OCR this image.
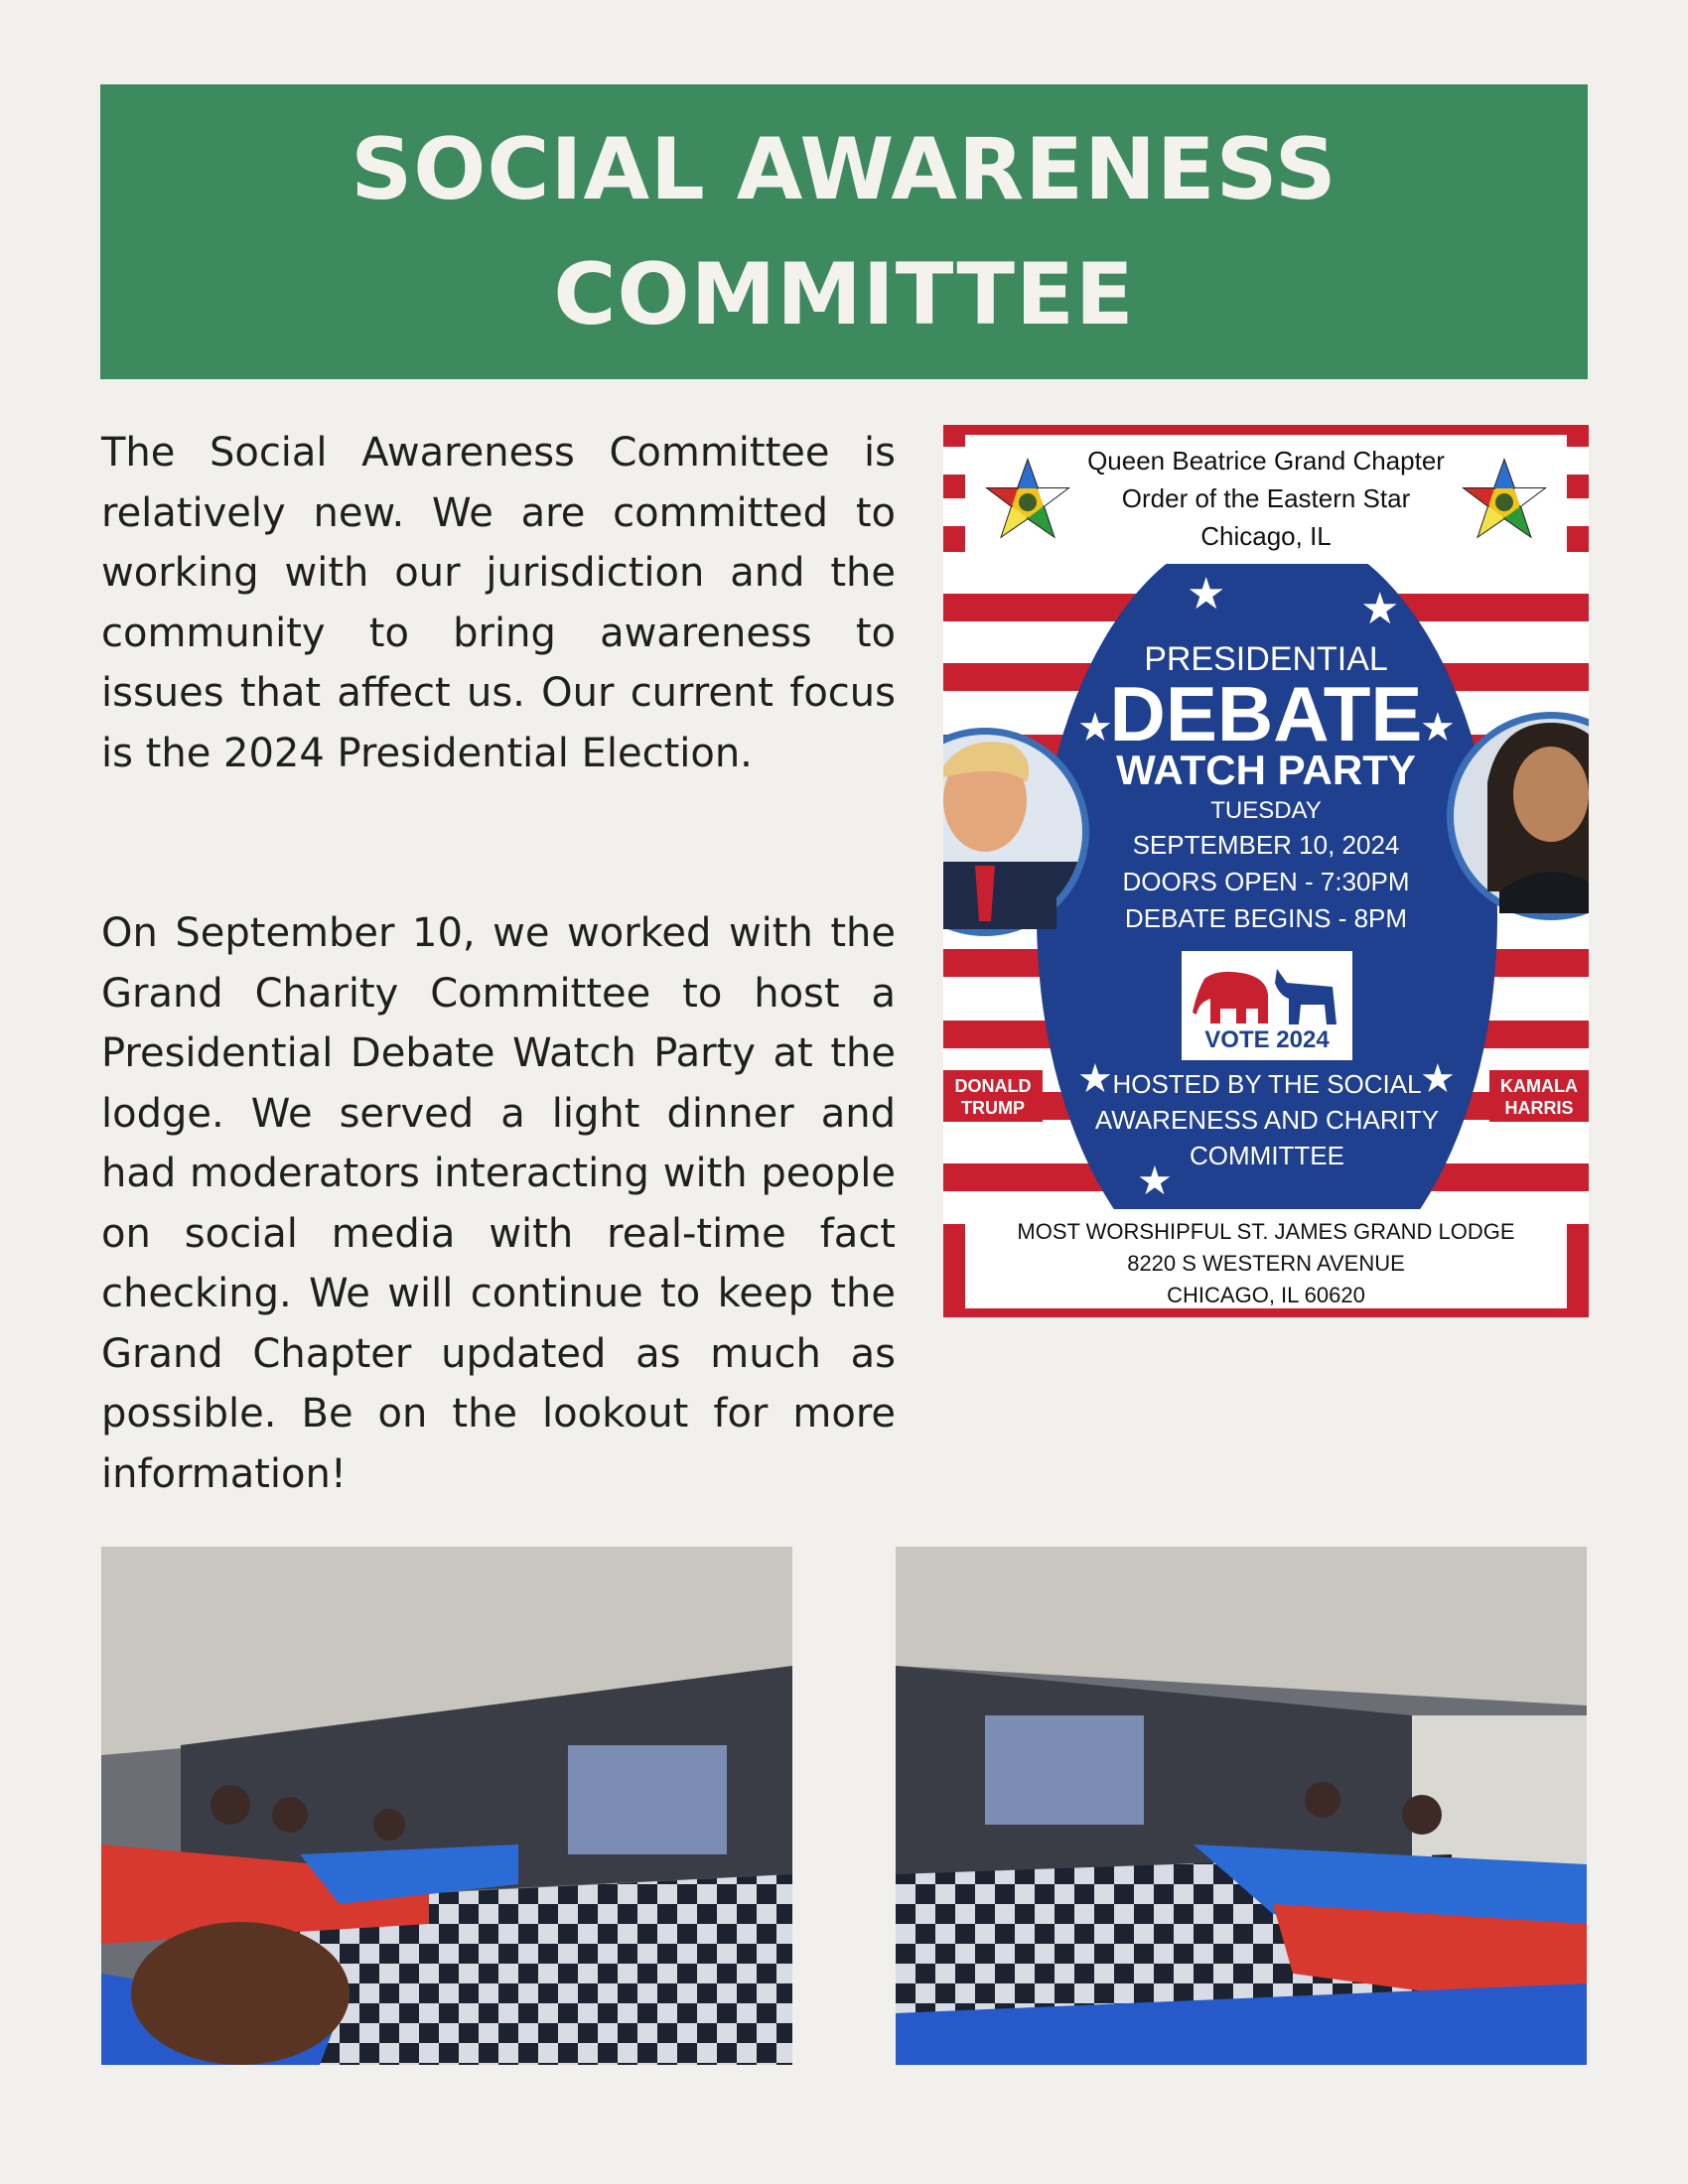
SOCIAL AWARENESS
COMMITTEE

The Social Awareness Committee is relatively new. We are committed to working with our jurisdiction and the community to bring awareness to issues that affect us. Our current focus is the 2024 Presidential Election.

On September 10, we worked with the Grand Charity Committee to host a Presidential Debate Watch Party at the lodge. We served a light dinner and had moderators interacting with people on social media with real-time fact checking. We will continue to keep the Grand Chapter updated as much as possible. Be on the lookout for more information!

Queen Beatrice Grand Chapter
Order of the Eastern Star
Chicago, IL
★	★
★	★
★	★
★
PRESIDENTIAL
DEBATE
WATCH PARTY
TUESDAY
SEPTEMBER 10, 2024
DOORS OPEN - 7:30PM
DEBATE BEGINS - 8PM
VOTE 2024
HOSTED BY THE SOCIAL
AWARENESS AND CHARITY
COMMITTEE
DONALD
TRUMP
KAMALA
HARRIS
MOST WORSHIPFUL ST. JAMES GRAND LODGE
8220 S WESTERN AVENUE
CHICAGO, IL 60620
